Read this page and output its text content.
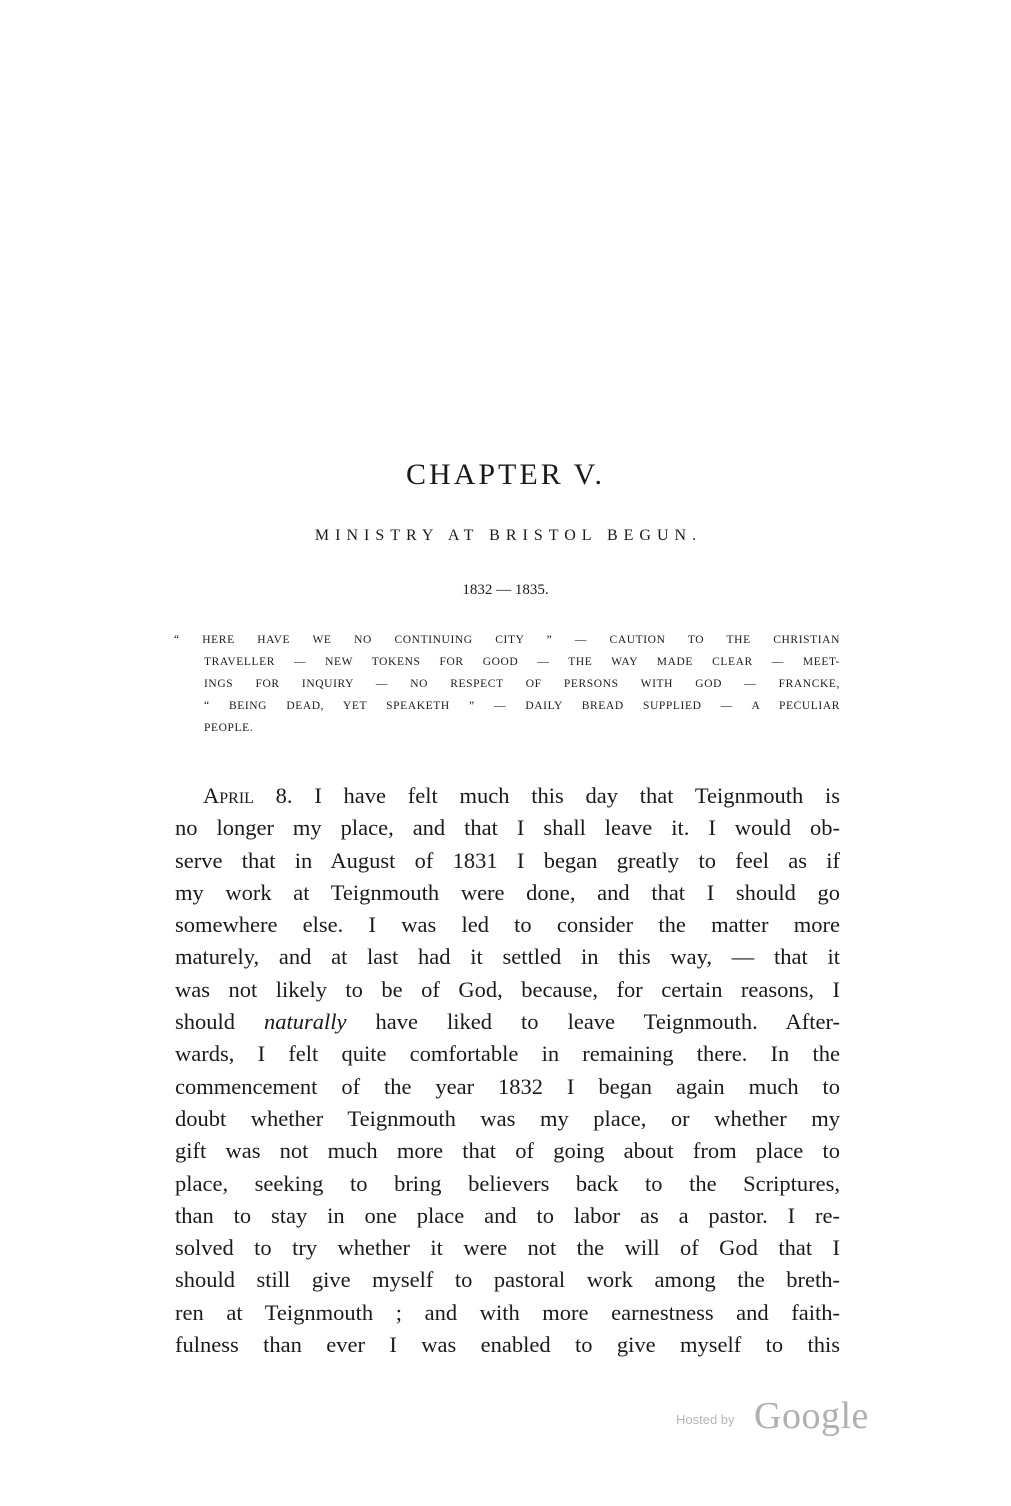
CHAPTER V.
MINISTRY AT BRISTOL BEGUN.
1832 — 1835.
“ HERE HAVE WE NO CONTINUING CITY ” — CAUTION TO THE CHRISTIAN
TRAVELLER — NEW TOKENS FOR GOOD — THE WAY MADE CLEAR — MEET-
INGS FOR INQUIRY — NO RESPECT OF PERSONS WITH GOD — FRANCKE,
“ BEING DEAD, YET SPEAKETH ” — DAILY BREAD SUPPLIED — A PECULIAR
PEOPLE.
April 8. I have felt much this day that Teignmouth is
no longer my place, and that I shall leave it. I would ob-
serve that in August of 1831 I began greatly to feel as if
my work at Teignmouth were done, and that I should go
somewhere else. I was led to consider the matter more
maturely, and at last had it settled in this way, — that it
was not likely to be of God, because, for certain reasons, I
should naturally have liked to leave Teignmouth. After-
wards, I felt quite comfortable in remaining there. In the
commencement of the year 1832 I began again much to
doubt whether Teignmouth was my place, or whether my
gift was not much more that of going about from place to
place, seeking to bring believers back to the Scriptures,
than to stay in one place and to labor as a pastor. I re-
solved to try whether it were not the will of God that I
should still give myself to pastoral work among the breth-
ren at Teignmouth ; and with more earnestness and faith-
fulness than ever I was enabled to give myself to this
Hosted by Google
